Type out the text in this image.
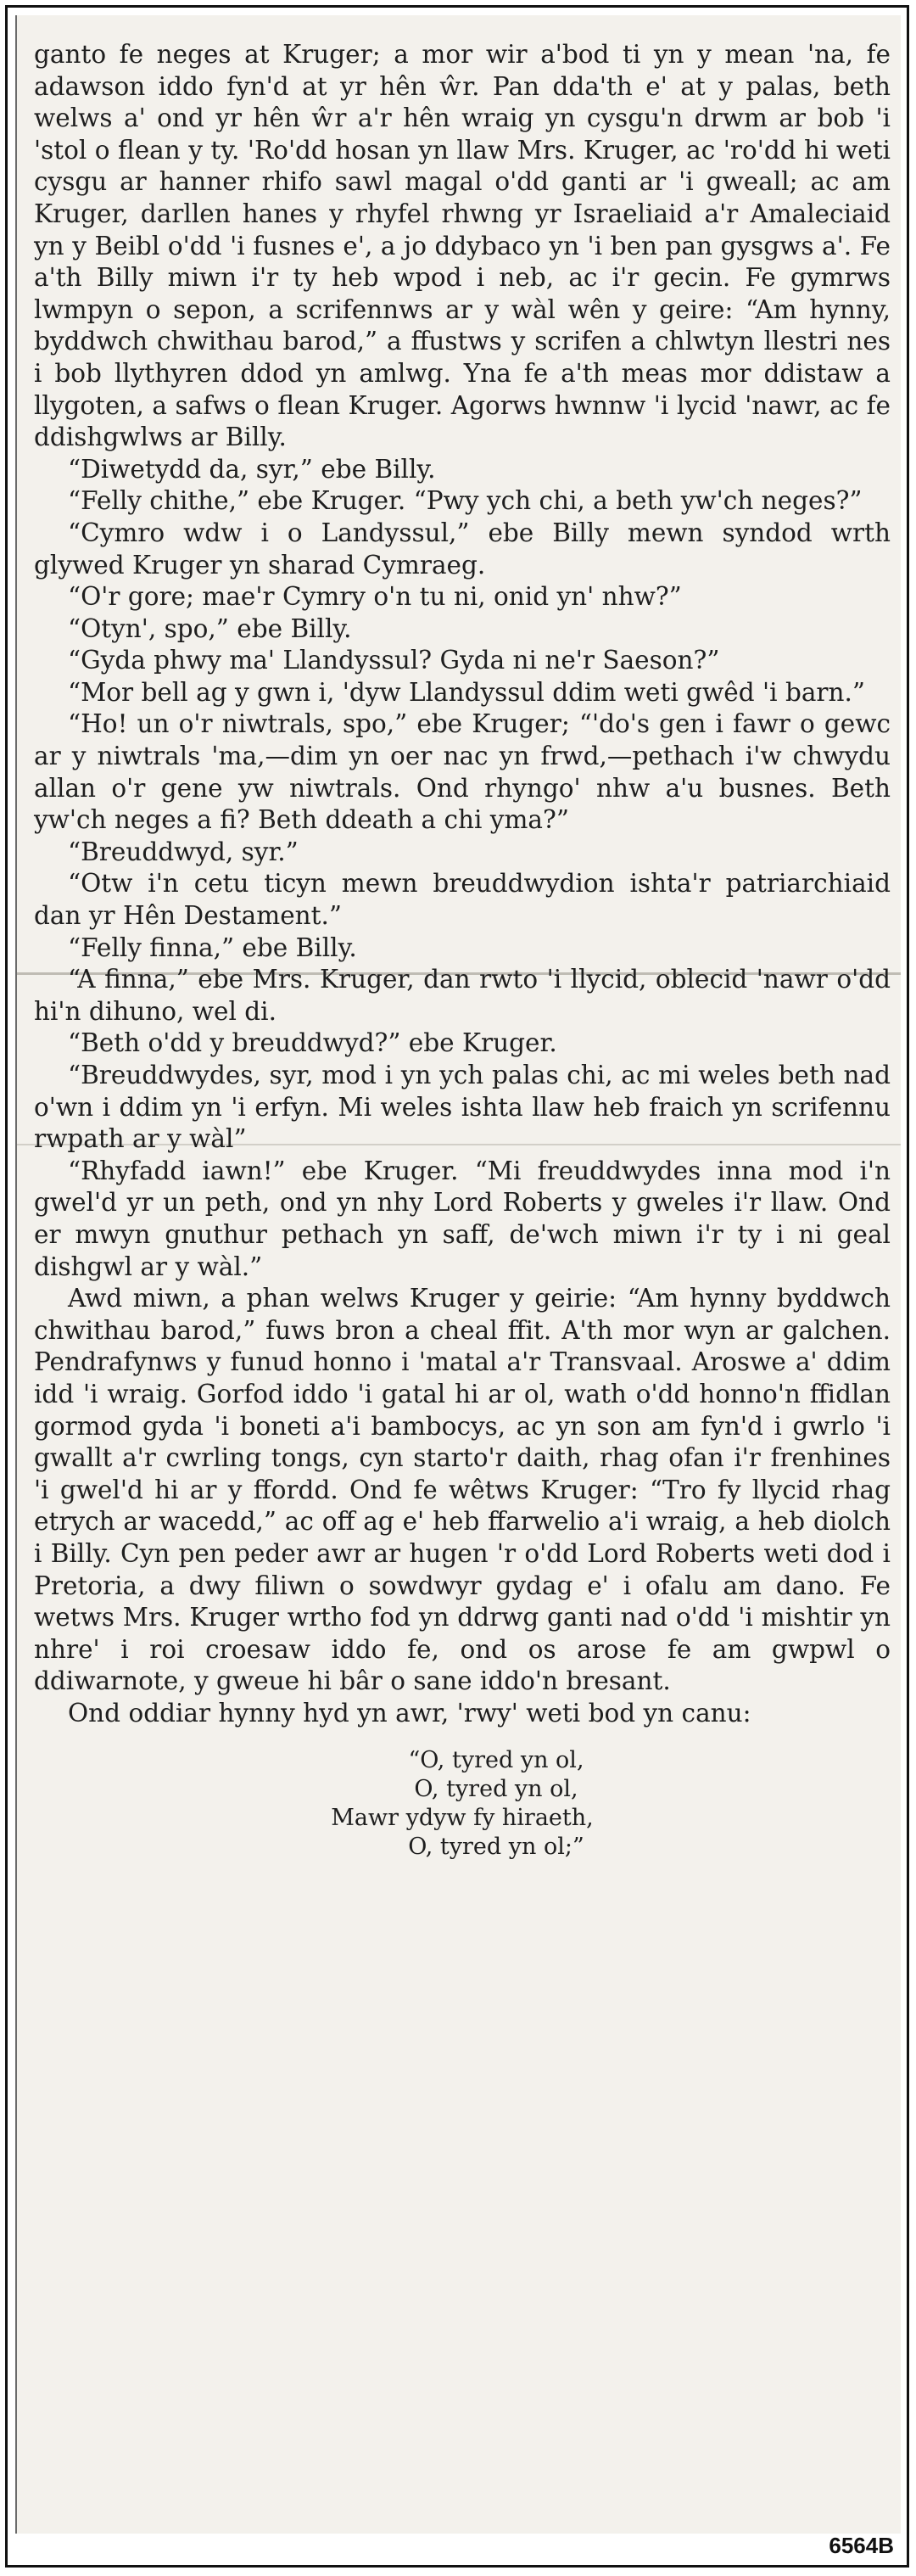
ganto fe neges at Kruger; a mor wir a'bod ti yn y mean 'na, fe adawson iddo fyn'd at yr hên ŵr. Pan dda'th e' at y palas, beth welws a' ond yr hên ŵr a'r hên wraig yn cysgu'n drwm ar bob 'i 'stol o flean y ty. 'Ro'dd hosan yn llaw Mrs. Kruger, ac 'ro'dd hi weti cysgu ar hanner rhifo sawl magal o'dd ganti ar 'i gweall; ac am Kruger, darllen hanes y rhyfel rhwng yr Israeliaid a'r Amaleciaid yn y Beibl o'dd 'i fusnes e', a jo ddybaco yn 'i ben pan gysgws a'. Fe a'th Billy miwn i'r ty heb wpod i neb, ac i'r gecin. Fe gymrws lwmpyn o sepon, a scrifennws ar y wàl wên y geire: “Am hynny, byddwch chwithau barod,” a ffustws y scrifen a chlwtyn llestri nes i bob llythyren ddod yn amlwg. Yna fe a'th meas mor ddistaw a llygoten, a safws o flean Kruger. Agorws hwnnw 'i lycid 'nawr, ac fe ddishgwlws ar Billy.

“Diwetydd da, syr,” ebe Billy.

“Felly chithe,” ebe Kruger. “Pwy ych chi, a beth yw'ch neges?”

“Cymro wdw i o Landyssul,” ebe Billy mewn syndod wrth glywed Kruger yn sharad Cymraeg.

“O'r gore; mae'r Cymry o'n tu ni, onid yn' nhw?”

“Otyn', spo,” ebe Billy.

“Gyda phwy ma' Llandyssul? Gyda ni ne'r Saeson?”

“Mor bell ag y gwn i, 'dyw Llandyssul ddim weti gwêd 'i barn.”

“Ho! un o'r niwtrals, spo,” ebe Kruger; “'do's gen i fawr o gewc ar y niwtrals 'ma,—dim yn oer nac yn frwd,—pethach i'w chwydu allan o'r gene yw niwtrals. Ond rhyngo' nhw a'u busnes. Beth yw'ch neges a fi? Beth ddeath a chi yma?”

“Breuddwyd, syr.”

“Otw i'n cetu ticyn mewn breuddwydion ishta'r patriarchiaid dan yr Hên Destament.”

“Felly finna,” ebe Billy.

“A finna,” ebe Mrs. Kruger, dan rwto 'i llycid, oblecid 'nawr o'dd hi'n dihuno, wel di.

“Beth o'dd y breuddwyd?” ebe Kruger.

“Breuddwydes, syr, mod i yn ych palas chi, ac mi weles beth nad o'wn i ddim yn 'i erfyn. Mi weles ishta llaw heb fraich yn scrifennu rwpath ar y wàl”

“Rhyfadd iawn!” ebe Kruger. “Mi freuddwydes inna mod i'n gwel'd yr un peth, ond yn nhy Lord Roberts y gweles i'r llaw. Ond er mwyn gnuthur pethach yn saff, de'wch miwn i'r ty i ni geal dishgwl ar y wàl.”

Awd miwn, a phan welws Kruger y geirie: “Am hynny byddwch chwithau barod,” fuws bron a cheal ffit. A'th mor wyn ar galchen. Pendrafynws y funud honno i 'matal a'r Transvaal. Aroswe a' ddim idd 'i wraig. Gorfod iddo 'i gatal hi ar ol, wath o'dd honno'n ffidlan gormod gyda 'i boneti a'i bambocys, ac yn son am fyn'd i gwrlo 'i gwallt a'r cwrling tongs, cyn starto'r daith, rhag ofan i'r frenhines 'i gwel'd hi ar y ffordd. Ond fe wêtws Kruger: “Tro fy llycid rhag etrych ar wacedd,” ac off ag e' heb ffarwelio a'i wraig, a heb diolch i Billy. Cyn pen peder awr ar hugen 'r o'dd Lord Roberts weti dod i Pretoria, a dwy filiwn o sowdwyr gydag e' i ofalu am dano. Fe wetws Mrs. Kruger wrtho fod yn ddrwg ganti nad o'dd 'i mishtir yn nhre' i roi croesaw iddo fe, ond os arose fe am gwpwl o ddiwarnote, y gweue hi bâr o sane iddo'n bresant.

Ond oddiar hynny hyd yn awr, 'rwy' weti bod yn canu:

“O, tyred yn ol,
O, tyred yn ol,
Mawr ydyw fy hiraeth,
O, tyred yn ol;”
6564B
